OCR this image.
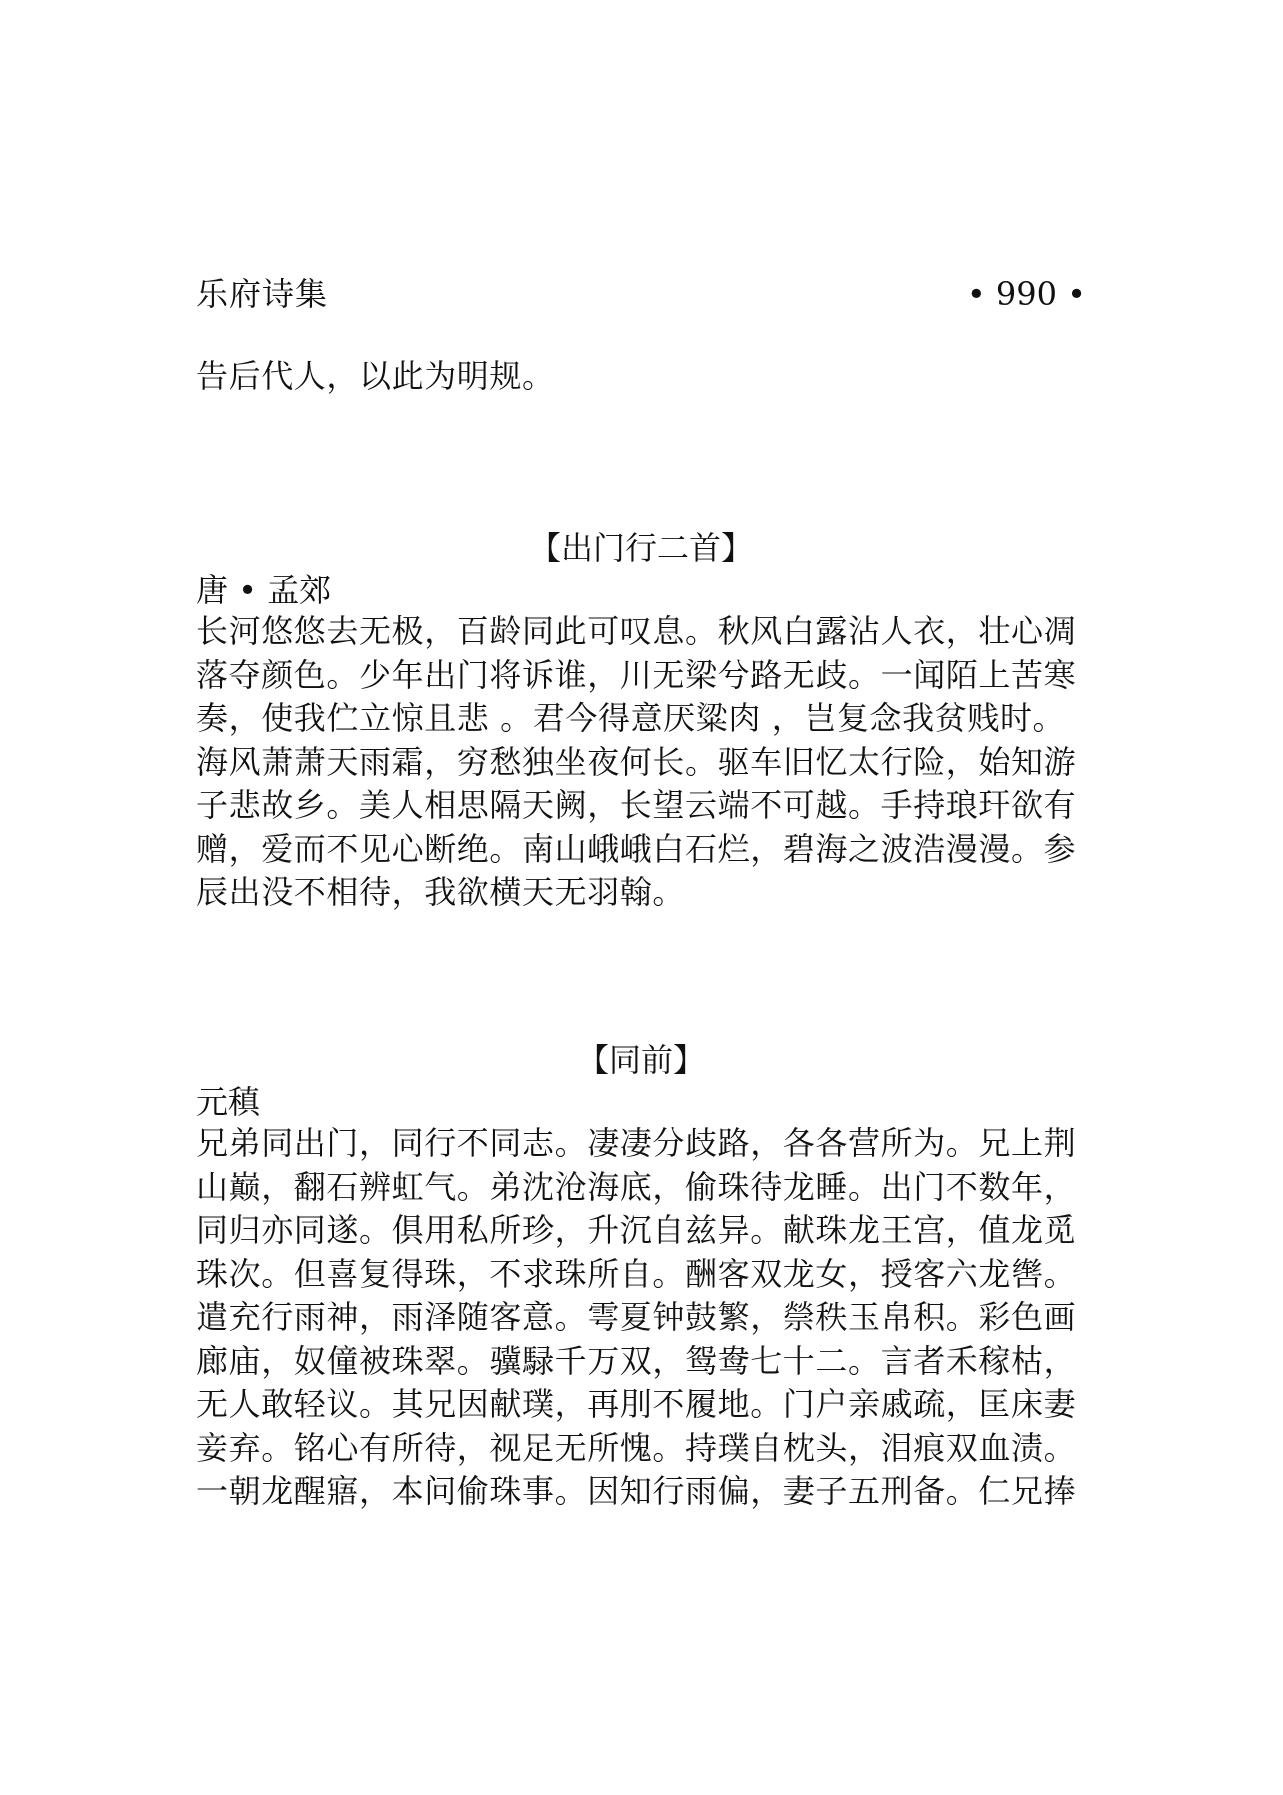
乐府诗集	• 990 •
告后代人，以此为明规。
【出门行二首】
唐 • 孟郊
长河悠悠去无极，百龄同此可叹息。秋风白露沾人衣，壮心凋
落夺颜色。少年出门将诉谁，川无梁兮路无歧。一闻陌上苦寒
奏，使我伫立惊且悲 。君今得意厌粱肉 ，岂复念我贫贱时。
海风萧萧天雨霜，穷愁独坐夜何长。驱车旧忆太行险，始知游
子悲故乡。美人相思隔天阙，长望云端不可越。手持琅玕欲有
赠，爱而不见心断绝。南山峨峨白石烂，碧海之波浩漫漫。参
辰出没不相待，我欲横天无羽翰。
【同前】
元稹
兄弟同出门，同行不同志。凄凄分歧路，各各营所为。兄上荆
山巅，翻石辨虹气。弟沈沧海底，偷珠待龙睡。出门不数年，
同归亦同遂。俱用私所珍，升沉自兹异。献珠龙王宫，值龙觅
珠次。但喜复得珠，不求珠所自。酬客双龙女，授客六龙辔。
遣充行雨神，雨泽随客意。雩夏钟鼓繁，禜秩玉帛积。彩色画
廊庙，奴僮被珠翠。骥騄千万双，鸳鸯七十二。言者禾稼枯，
无人敢轻议。其兄因献璞，再刖不履地。门户亲戚疏，匡床妻
妾弃。铭心有所待，视足无所愧。持璞自枕头，泪痕双血渍。
一朝龙醒寤，本问偷珠事。因知行雨偏，妻子五刑备。仁兄捧
